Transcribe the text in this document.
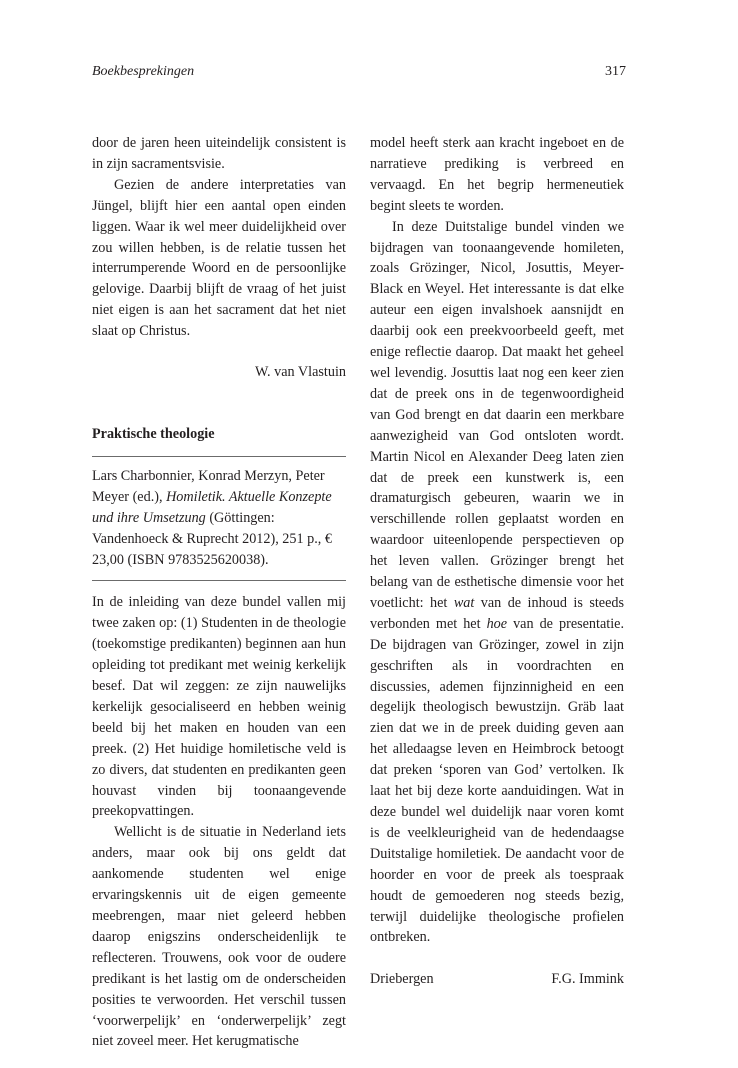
Boekbesprekingen	317

door de jaren heen uiteindelijk consistent is in zijn sacramentsvisie.

Gezien de andere interpretaties van Jüngel, blijft hier een aantal open einden liggen. Waar ik wel meer duidelijkheid over zou willen hebben, is de relatie tussen het interrumperende Woord en de persoonlijke gelovige. Daarbij blijft de vraag of het juist niet eigen is aan het sacrament dat het niet slaat op Christus.

W. van Vlastuin

Praktische theologie

Lars Charbonnier, Konrad Merzyn, Peter Meyer (ed.), Homiletik. Aktuelle Konzepte und ihre Umsetzung (Göttingen: Vandenhoeck & Ruprecht 2012), 251 p., € 23,00 (ISBN 9783525620038).

In de inleiding van deze bundel vallen mij twee zaken op: (1) Studenten in de theologie (toekomstige predikanten) beginnen aan hun opleiding tot predikant met weinig kerkelijk besef. Dat wil zeggen: ze zijn nauwelijks kerkelijk gesocialiseerd en hebben weinig beeld bij het maken en houden van een preek. (2) Het huidige homiletische veld is zo divers, dat studenten en predikanten geen houvast vinden bij toonaangevende preekopvattingen.

Wellicht is de situatie in Nederland iets anders, maar ook bij ons geldt dat aankomende studenten wel enige ervaringskennis uit de eigen gemeente meebrengen, maar niet geleerd hebben daarop enigszins onderscheidenlijk te reflecteren. Trouwens, ook voor de oudere predikant is het lastig om de onderscheiden posities te verwoorden. Het verschil tussen ‘voorwerpelijk’ en ‘onderwerpelijk’ zegt niet zoveel meer. Het kerugmatische

model heeft sterk aan kracht ingeboet en de narratieve prediking is verbreed en vervaagd. En het begrip hermeneutiek begint sleets te worden.

In deze Duitstalige bundel vinden we bijdragen van toonaangevende homileten, zoals Grözinger, Nicol, Josuttis, Meyer-Black en Weyel. Het interessante is dat elke auteur een eigen invalshoek aansnijdt en daarbij ook een preekvoorbeeld geeft, met enige reflectie daarop. Dat maakt het geheel wel levendig. Josuttis laat nog een keer zien dat de preek ons in de tegenwoordigheid van God brengt en dat daarin een merkbare aanwezigheid van God ontsloten wordt. Martin Nicol en Alexander Deeg laten zien dat de preek een kunstwerk is, een dramaturgisch gebeuren, waarin we in verschillende rollen geplaatst worden en waardoor uiteenlopende perspectieven op het leven vallen. Grözinger brengt het belang van de esthetische dimensie voor het voetlicht: het wat van de inhoud is steeds verbonden met het hoe van de presentatie. De bijdragen van Grözinger, zowel in zijn geschriften als in voordrachten en discussies, ademen fijnzinnigheid en een degelijk theologisch bewustzijn. Gräb laat zien dat we in de preek duiding geven aan het alledaagse leven en Heimbrock betoogt dat preken ‘sporen van God’ vertolken. Ik laat het bij deze korte aanduidingen. Wat in deze bundel wel duidelijk naar voren komt is de veelkleurigheid van de hedendaagse Duitstalige homiletiek. De aandacht voor de hoorder en voor de preek als toespraak houdt de gemoederen nog steeds bezig, terwijl duidelijke theologische profielen ontbreken.

Driebergen	F.G. Immink
